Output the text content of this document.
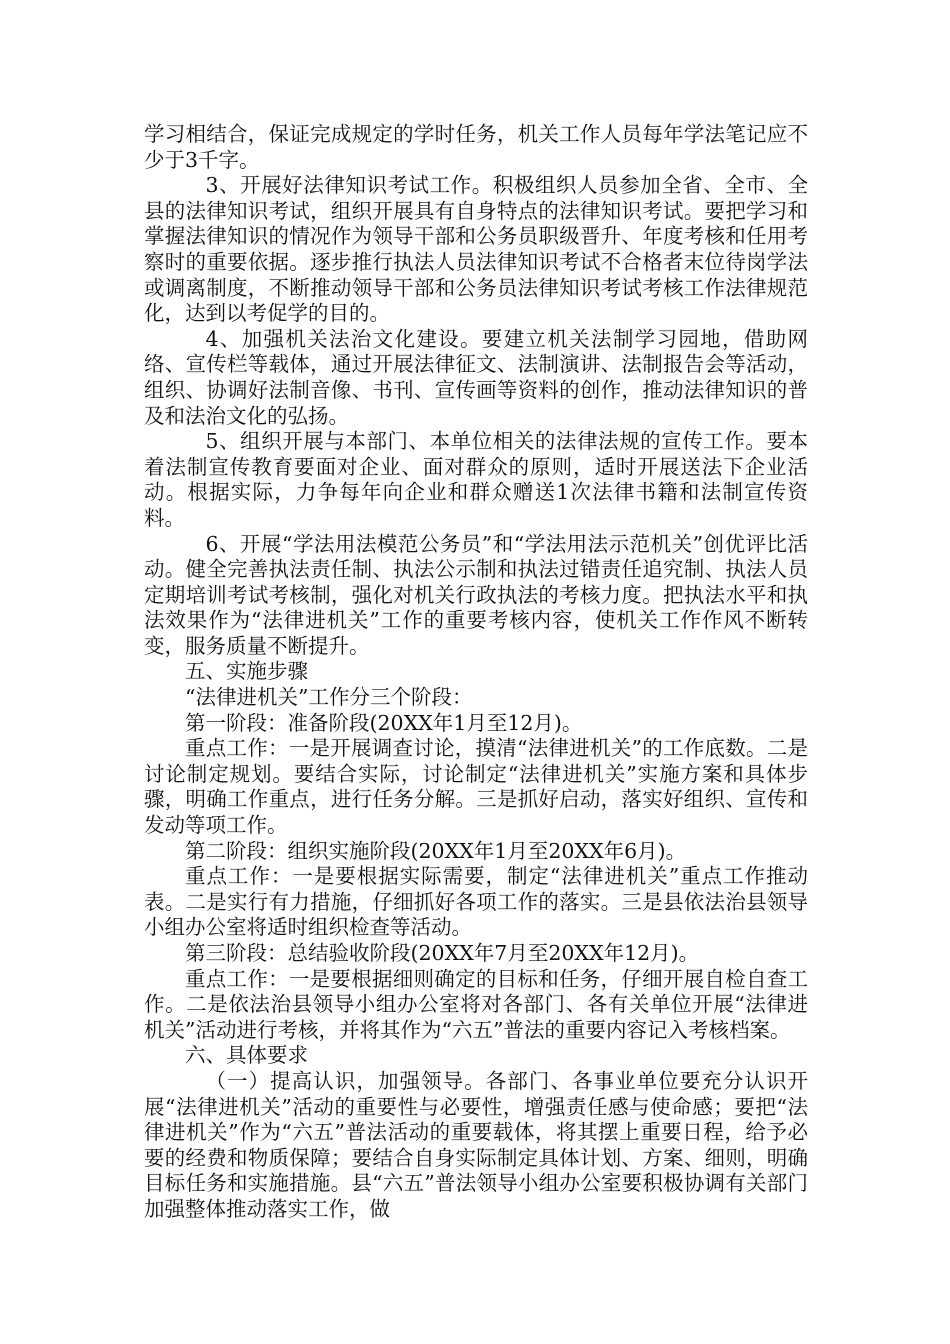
学习相结合，保证完成规定的学时任务，机关工作人员每年学法笔记应不少于3千字。

3、开展好法律知识考试工作。积极组织人员参加全省、全市、全县的法律知识考试，组织开展具有自身特点的法律知识考试。要把学习和掌握法律知识的情况作为领导干部和公务员职级晋升、年度考核和任用考察时的重要依据。逐步推行执法人员法律知识考试不合格者末位待岗学法或调离制度，不断推动领导干部和公务员法律知识考试考核工作法律规范化，达到以考促学的目的。

4、加强机关法治文化建设。要建立机关法制学习园地，借助网络、宣传栏等载体，通过开展法律征文、法制演讲、法制报告会等活动，组织、协调好法制音像、书刊、宣传画等资料的创作，推动法律知识的普及和法治文化的弘扬。

5、组织开展与本部门、本单位相关的法律法规的宣传工作。要本着法制宣传教育要面对企业、面对群众的原则，适时开展送法下企业活动。根据实际，力争每年向企业和群众赠送1次法律书籍和法制宣传资料。

6、开展“学法用法模范公务员”和“学法用法示范机关”创优评比活动。健全完善执法责任制、执法公示制和执法过错责任追究制、执法人员定期培训考试考核制，强化对机关行政执法的考核力度。把执法水平和执法效果作为“法律进机关”工作的重要考核内容，使机关工作作风不断转变，服务质量不断提升。

五、实施步骤

“法律进机关”工作分三个阶段：

第一阶段：准备阶段(20XX年1月至12月)。

重点工作：一是开展调查讨论，摸清“法律进机关”的工作底数。二是讨论制定规划。要结合实际，讨论制定“法律进机关”实施方案和具体步骤，明确工作重点，进行任务分解。三是抓好启动，落实好组织、宣传和发动等项工作。

第二阶段：组织实施阶段(20XX年1月至20XX年6月)。

重点工作：一是要根据实际需要，制定“法律进机关”重点工作推动表。二是实行有力措施，仔细抓好各项工作的落实。三是县依法治县领导小组办公室将适时组织检查等活动。

第三阶段：总结验收阶段(20XX年7月至20XX年12月)。

重点工作：一是要根据细则确定的目标和任务，仔细开展自检自查工作。二是依法治县领导小组办公室将对各部门、各有关单位开展“法律进机关”活动进行考核，并将其作为“六五”普法的重要内容记入考核档案。

六、具体要求

（一）提高认识，加强领导。各部门、各事业单位要充分认识开展“法律进机关”活动的重要性与必要性，增强责任感与使命感；要把“法律进机关”作为“六五”普法活动的重要载体，将其摆上重要日程，给予必要的经费和物质保障；要结合自身实际制定具体计划、方案、细则，明确目标任务和实施措施。县“六五”普法领导小组办公室要积极协调有关部门加强整体推动落实工作，做
